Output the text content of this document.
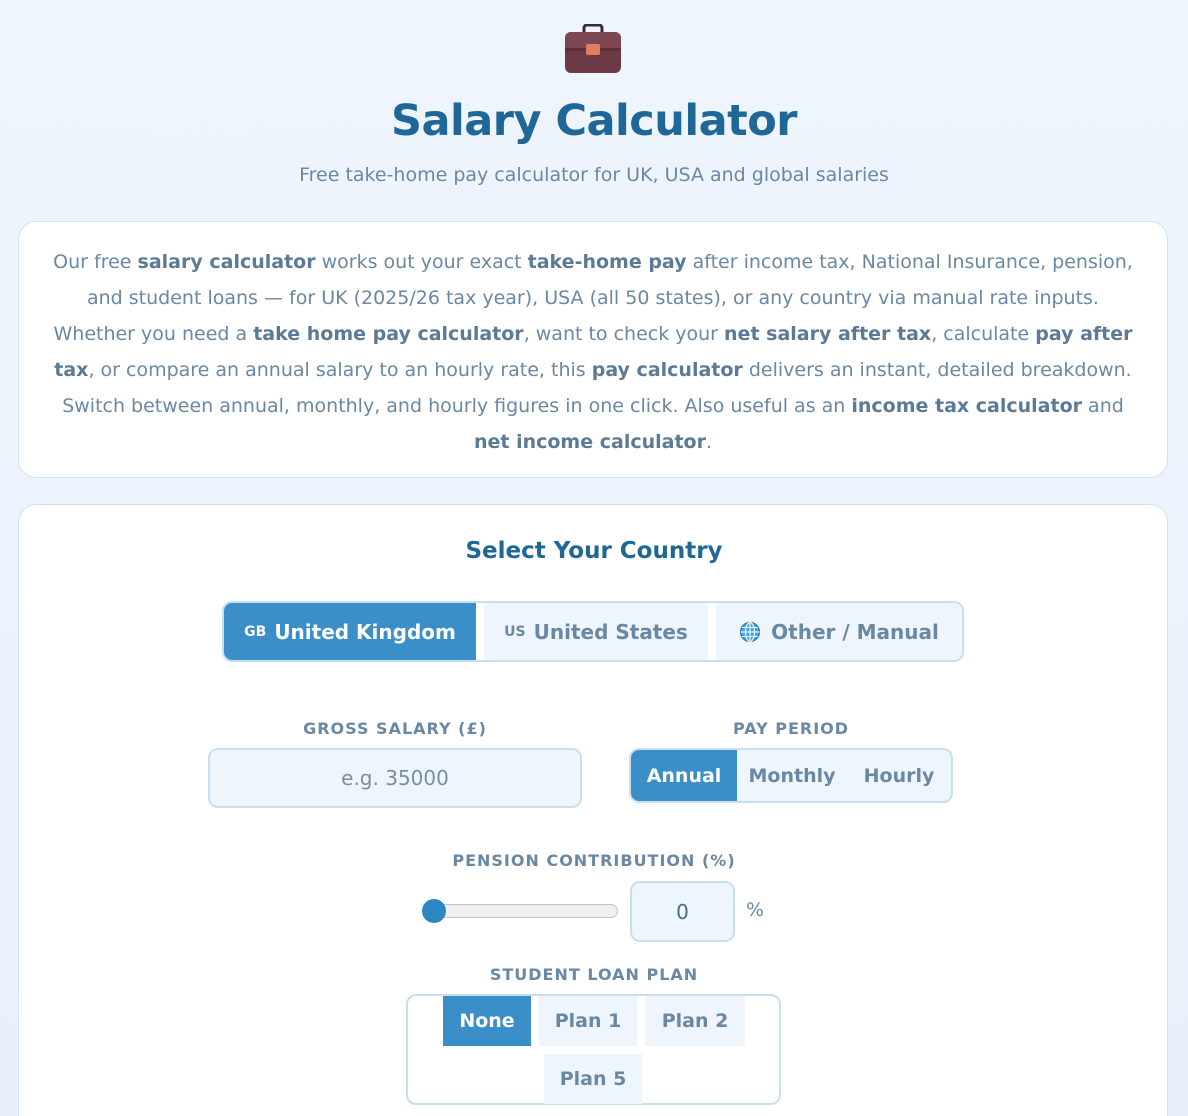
Salary Calculator

Free take-home pay calculator for UK, USA and global salaries

Our free salary calculator works out your exact take-home pay after income tax, National Insurance, pension, and student loans — for UK (2025/26 tax year), USA (all 50 states), or any country via manual rate inputs. Whether you need a take home pay calculator, want to check your net salary after tax, calculate pay after tax, or compare an annual salary to an hourly rate, this pay calculator delivers an instant, detailed breakdown. Switch between annual, monthly, and hourly figures in one click. Also useful as an income tax calculator and net income calculator.

Select Your Country
GB United Kingdom	US United States	Other / Manual
GROSS SALARY (£)
e.g. 35000	PAY PERIOD
Annual	Monthly	Hourly
PENSION CONTRIBUTION (%)
0
%
STUDENT LOAN PLAN
None	Plan 1	Plan 2
Plan 5
